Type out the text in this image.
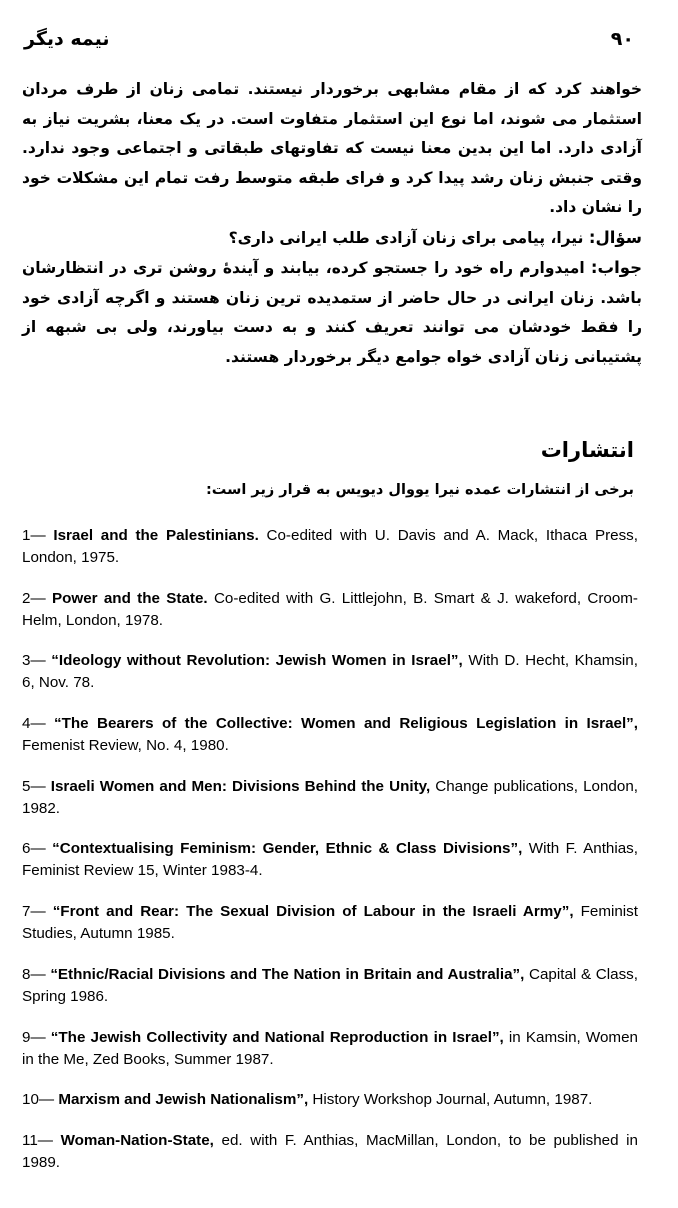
نیمه دیگر	۹۰

خواهند کرد که از مقام مشابهی برخوردار نیستند. تمامی زنان از طرف مردان استثمار می شوند، اما نوع این استثمار متفاوت است. در یک معنا، بشریت نیاز به آزادی دارد. اما این بدین معنا نیست که تفاوتهای طبقاتی و اجتماعی وجود ندارد. وقتی جنبش زنان رشد پیدا کرد و فرای طبقه متوسط رفت تمام این مشکلات خود را نشان داد.

سؤال: نیرا، پیامی برای زنان آزادی طلب ایرانی داری؟

جواب: امیدوارم راه خود را جستجو کرده، بیابند و آیندۀ روشن تری در انتظارشان باشد. زنان ایرانی در حال حاضر از ستمدیده ترین زنان هستند و اگرچه آزادی خود را فقط خودشان می توانند تعریف کنند و به دست بیاورند، ولی بی شبهه از پشتیبانی زنان آزادی خواه جوامع دیگر برخوردار هستند.

انتشارات
برخی از انتشارات عمده نیرا یووال دیویس به قرار زیر است:
1— Israel and the Palestinians. Co-edited with U. Davis and A. Mack, Ithaca Press, London, 1975.
2— Power and the State. Co-edited with G. Littlejohn, B. Smart & J. wakeford, Croom-Helm, London, 1978.
3— “Ideology without Revolution: Jewish Women in Israel”, With D. Hecht, Khamsin, 6, Nov. 78.
4— “The Bearers of the Collective: Women and Religious Legislation in Israel”, Femenist Review, No. 4, 1980.
5— Israeli Women and Men: Divisions Behind the Unity, Change publications, London, 1982.
6— “Contextualising Feminism: Gender, Ethnic & Class Divisions”, With F. Anthias, Feminist Review 15, Winter 1983-4.
7— “Front and Rear: The Sexual Division of Labour in the Israeli Army”, Feminist Studies, Autumn 1985.
8— “Ethnic/Racial Divisions and The Nation in Britain and Australia”, Capital & Class, Spring 1986.
9— “The Jewish Collectivity and National Reproduction in Israel”, in Kamsin, Women in the Me, Zed Books, Summer 1987.
10— Marxism and Jewish Nationalism”, History Workshop Journal, Autumn, 1987.
11— Woman-Nation-State, ed. with F. Anthias, MacMillan, London, to be published in 1989.
